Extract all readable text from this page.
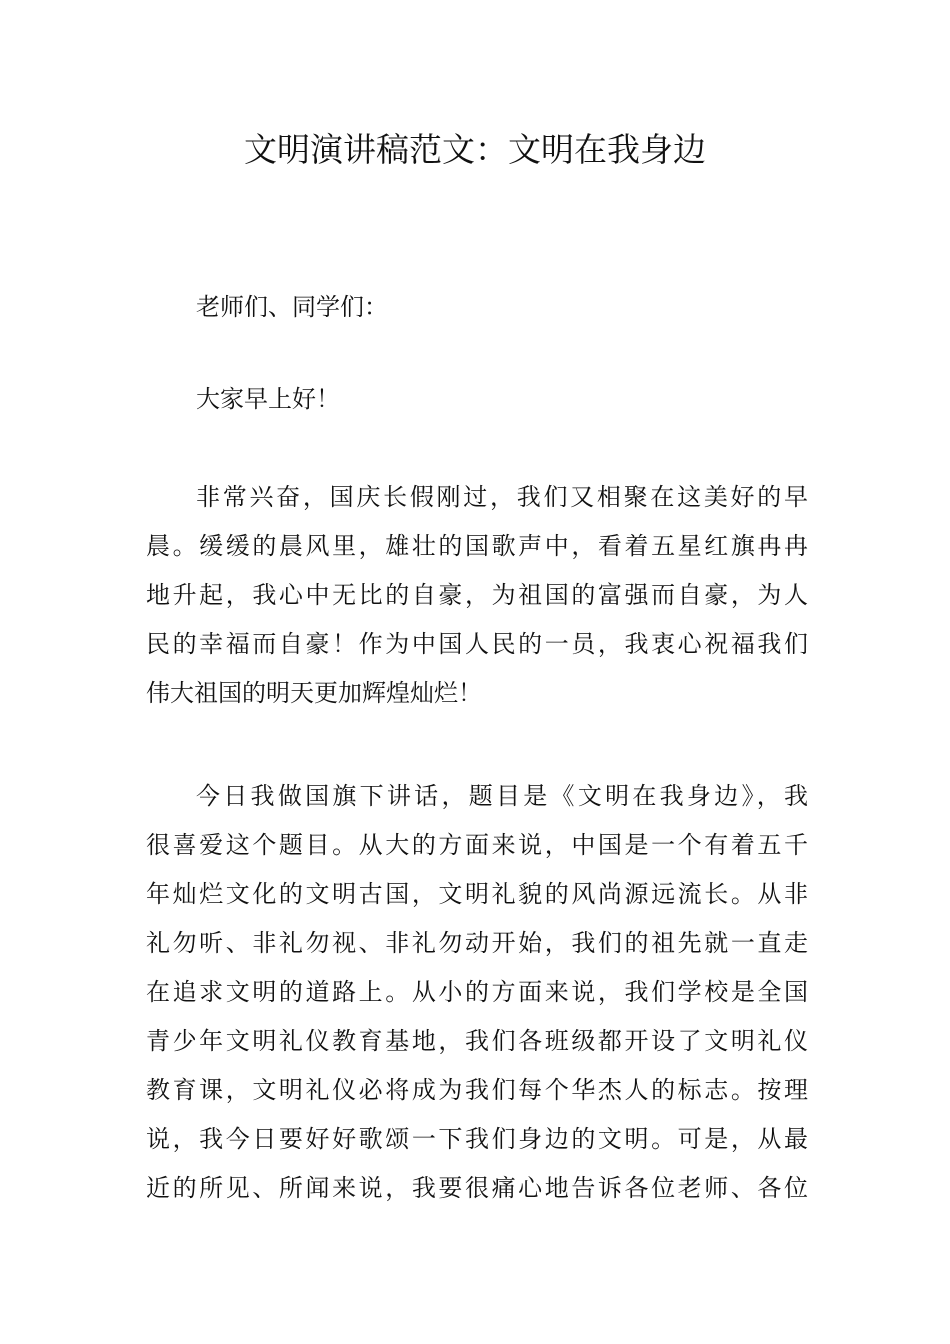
文明演讲稿范文：文明在我身边
老师们、同学们：
大家早上好！
非常兴奋，国庆长假刚过，我们又相聚在这美好的早
晨。缓缓的晨风里，雄壮的国歌声中，看着五星红旗冉冉
地升起，我心中无比的自豪，为祖国的富强而自豪，为人
民的幸福而自豪！作为中国人民的一员，我衷心祝福我们
伟大祖国的明天更加辉煌灿烂！
今日我做国旗下讲话，题目是《文明在我身边》，我
很喜爱这个题目。从大的方面来说，中国是一个有着五千
年灿烂文化的文明古国，文明礼貌的风尚源远流长。从非
礼勿听、非礼勿视、非礼勿动开始，我们的祖先就一直走
在追求文明的道路上。从小的方面来说，我们学校是全国
青少年文明礼仪教育基地，我们各班级都开设了文明礼仪
教育课，文明礼仪必将成为我们每个华杰人的标志。按理
说，我今日要好好歌颂一下我们身边的文明。可是，从最
近的所见、所闻来说，我要很痛心地告诉各位老师、各位
